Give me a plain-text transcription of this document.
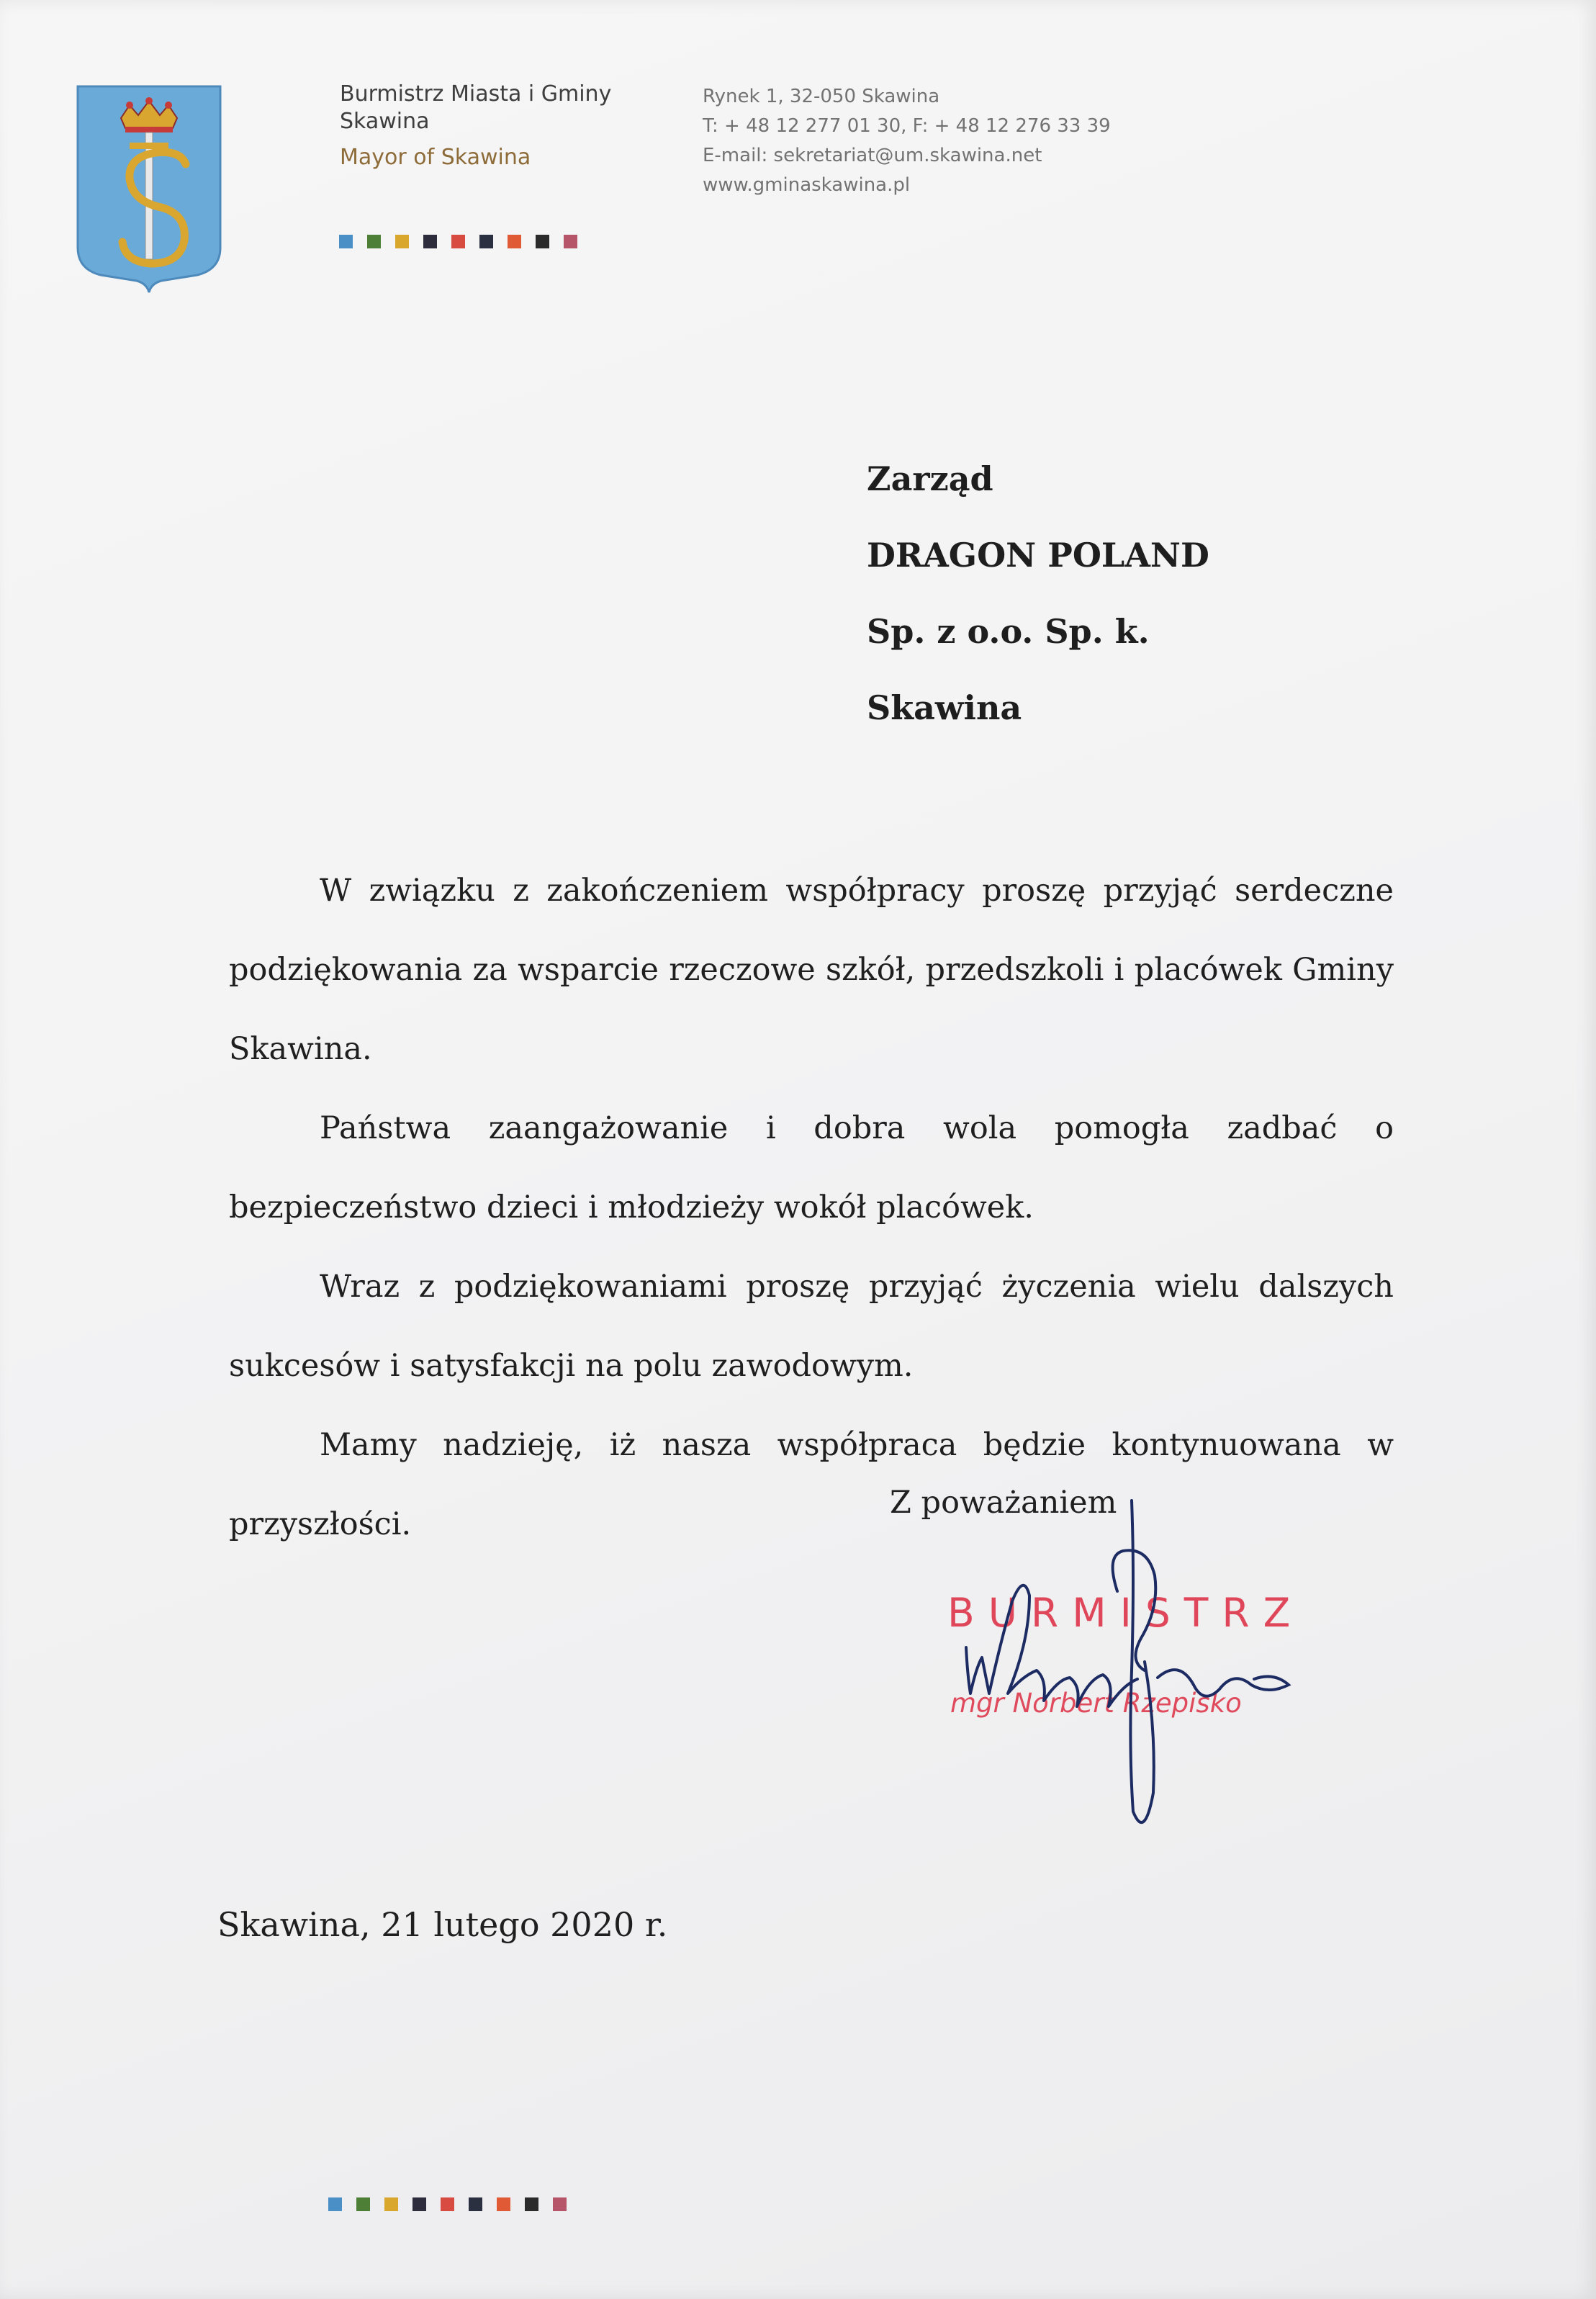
Burmistrz Miasta i Gminy
Skawina
Mayor of Skawina
Rynek 1, 32-050 Skawina
T: + 48 12 277 01 30, F: + 48 12 276 33 39
E-mail: sekretariat@um.skawina.net
www.gminaskawina.pl
Zarząd
DRAGON POLAND
Sp. z o.o. Sp. k.
Skawina

W związku z zakończeniem współpracy proszę przyjąć serdeczne podziękowania za wsparcie rzeczowe szkół, przedszkoli i placówek Gminy Skawina.

Państwa zaangażowanie i dobra wola pomogła zadbać o bezpieczeństwo dzieci i młodzieży wokół placówek.

Wraz z podziękowaniami proszę przyjąć życzenia wielu dalszych sukcesów i satysfakcji na polu zawodowym.

Mamy nadzieję, iż nasza współpraca będzie kontynuowana w przyszłości.

Z poważaniem
BURMISTRZ
mgr Norbert Rzepisko
Skawina, 21 lutego 2020 r.
